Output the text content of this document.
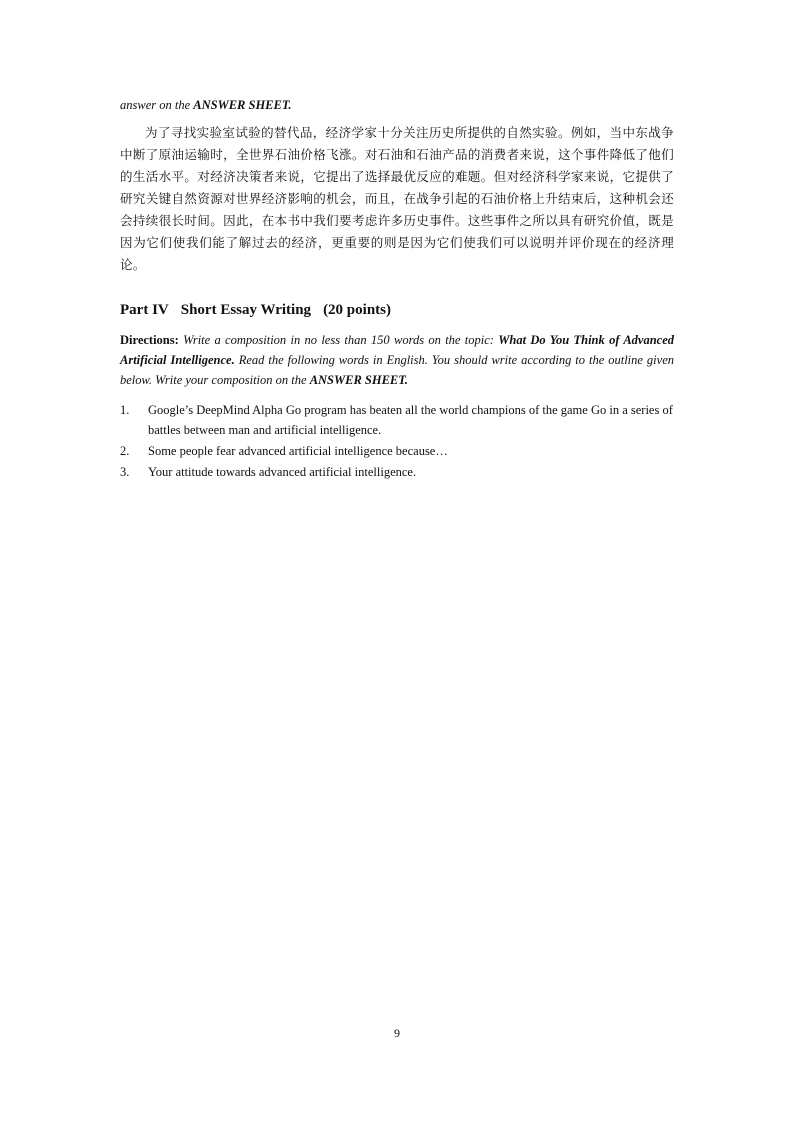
answer on the ANSWER SHEET.

为了寻找实验室试验的替代品，经济学家十分关注历史所提供的自然实验。例如，当中东战争中断了原油运输时，全世界石油价格飞涨。对石油和石油产品的消费者来说，这个事件降低了他们的生活水平。对经济决策者来说，它提出了选择最优反应的难题。但对经济科学家来说，它提供了研究关键自然资源对世界经济影响的机会，而且，在战争引起的石油价格上升结束后，这种机会还会持续很长时间。因此，在本书中我们要考虑许多历史事件。这些事件之所以具有研究价值，既是因为它们使我们能了解过去的经济，更重要的则是因为它们使我们可以说明并评价现在的经济理论。

Part IV Short Essay Writing (20 points)

Directions: Write a composition in no less than 150 words on the topic: What Do You Think of Advanced Artificial Intelligence. Read the following words in English. You should write according to the outline given below. Write your composition on the ANSWER SHEET.

1. Google’s DeepMind Alpha Go program has beaten all the world champions of the game Go in a series of battles between man and artificial intelligence.
2. Some people fear advanced artificial intelligence because…
3. Your attitude towards advanced artificial intelligence.
9
